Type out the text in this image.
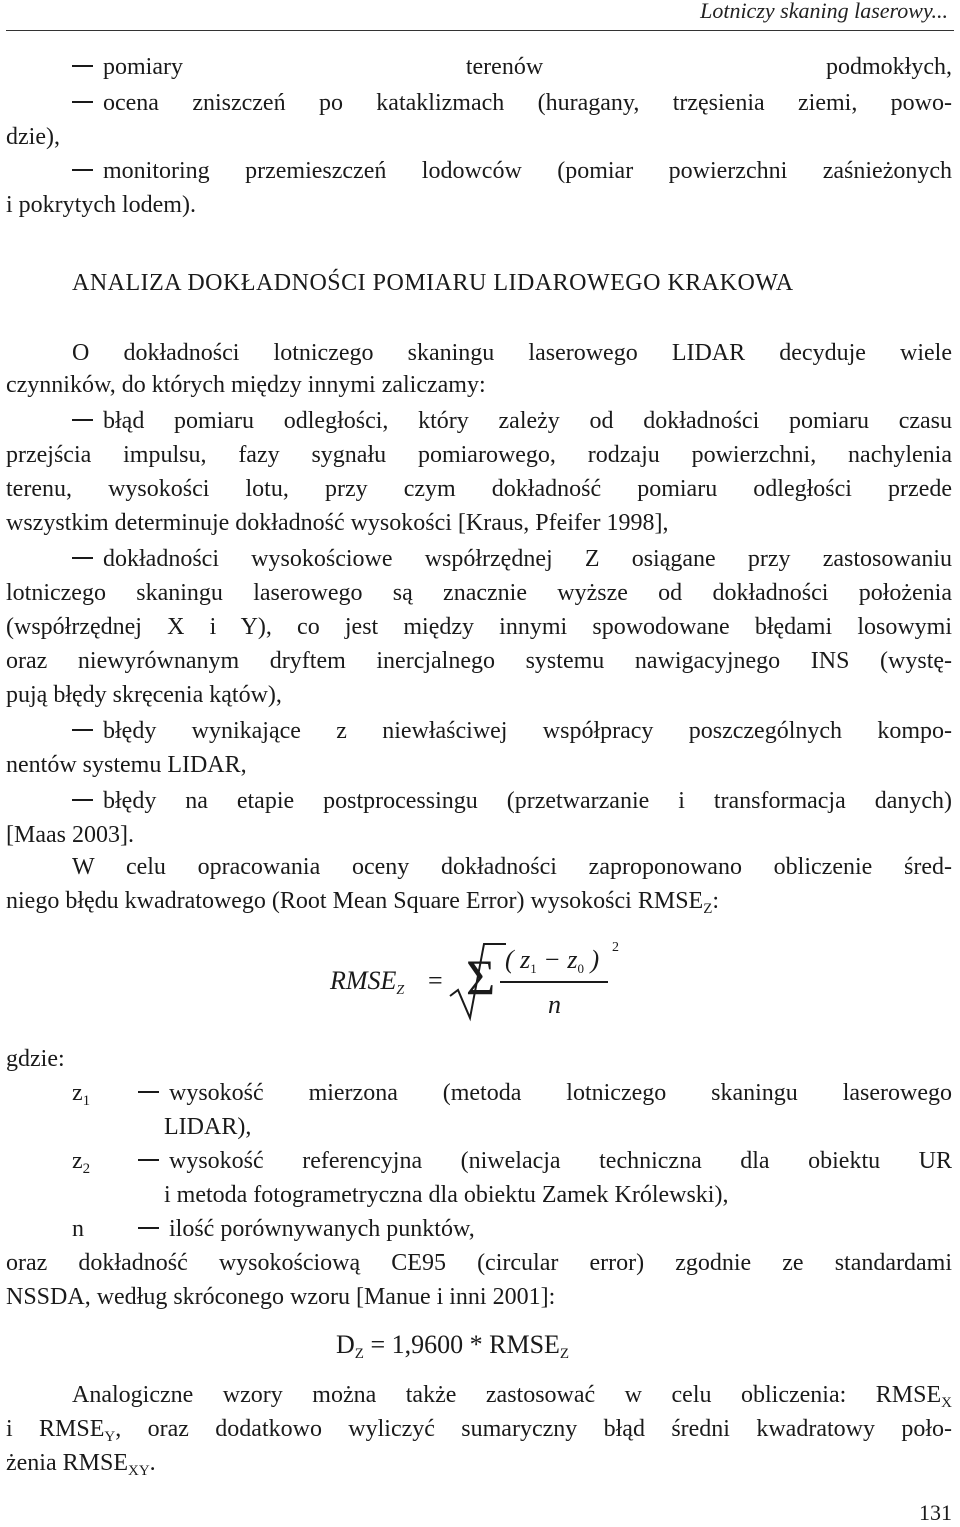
Lotniczy skaning laserowy...
pomiary terenów podmokłych,
ocena zniszczeń po kataklizmach (huragany, trzęsienia ziemi, powo-
dzie),
monitoring przemieszczeń lodowców (pomiar powierzchni zaśnieżonych
i pokrytych lodem).
ANALIZA DOKŁADNOŚCI POMIARU LIDAROWEGO KRAKOWA
O dokładności lotniczego skaningu laserowego LIDAR decyduje wiele
czynników, do których między innymi zaliczamy:
błąd pomiaru odległości, który zależy od dokładności pomiaru czasu
przejścia impulsu, fazy sygnału pomiarowego, rodzaju powierzchni, nachylenia
terenu, wysokości lotu, przy czym dokładność pomiaru odległości przede
wszystkim determinuje dokładność wysokości [Kraus, Pfeifer 1998],
dokładności wysokościowe współrzędnej Z osiągane przy zastosowaniu
lotniczego skaningu laserowego są znacznie wyższe od dokładności położenia
(współrzędnej X i Y), co jest między innymi spowodowane błędami losowymi
oraz niewyrównanym dryftem inercjalnego systemu nawigacyjnego INS (wystę-
pują błędy skręcenia kątów),
błędy wynikające z niewłaściwej współpracy poszczególnych kompo-
nentów systemu LIDAR,
błędy na etapie postprocessingu (przetwarzanie i transformacja danych)
[Maas 2003].
W celu opracowania oceny dokładności zaproponowano obliczenie śred-
niego błędu kwadratowego (Root Mean Square Error) wysokości $RMSE_Z$:
$RMSE_Z = \Sigma$ ( $z_1 - z_0$ ) 2
n
gdzie:
$z_1$	wysokość mierzona (metoda lotniczego skaningu laserowego
LIDAR),
$z_2$	wysokość referencyjna (niwelacja techniczna dla obiektu UR
i metoda fotogrametryczna dla obiektu Zamek Królewski),
n	ilość porównywanych punktów,
oraz dokładność wysokościową CE95 (circular error) zgodnie ze standardami
NSSDA, według skróconego wzoru [Manue i inni 2001]:
$D_Z = 1,9600$ * $RMSE_Z$
Analogiczne wzory można także zastosować w celu obliczenia: $RMSE_X$
i $RMSE_Y$, oraz dodatkowo wyliczyć sumaryczny błąd średni kwadratowy poło-
żenia $RMSE_{XY}$.
131
